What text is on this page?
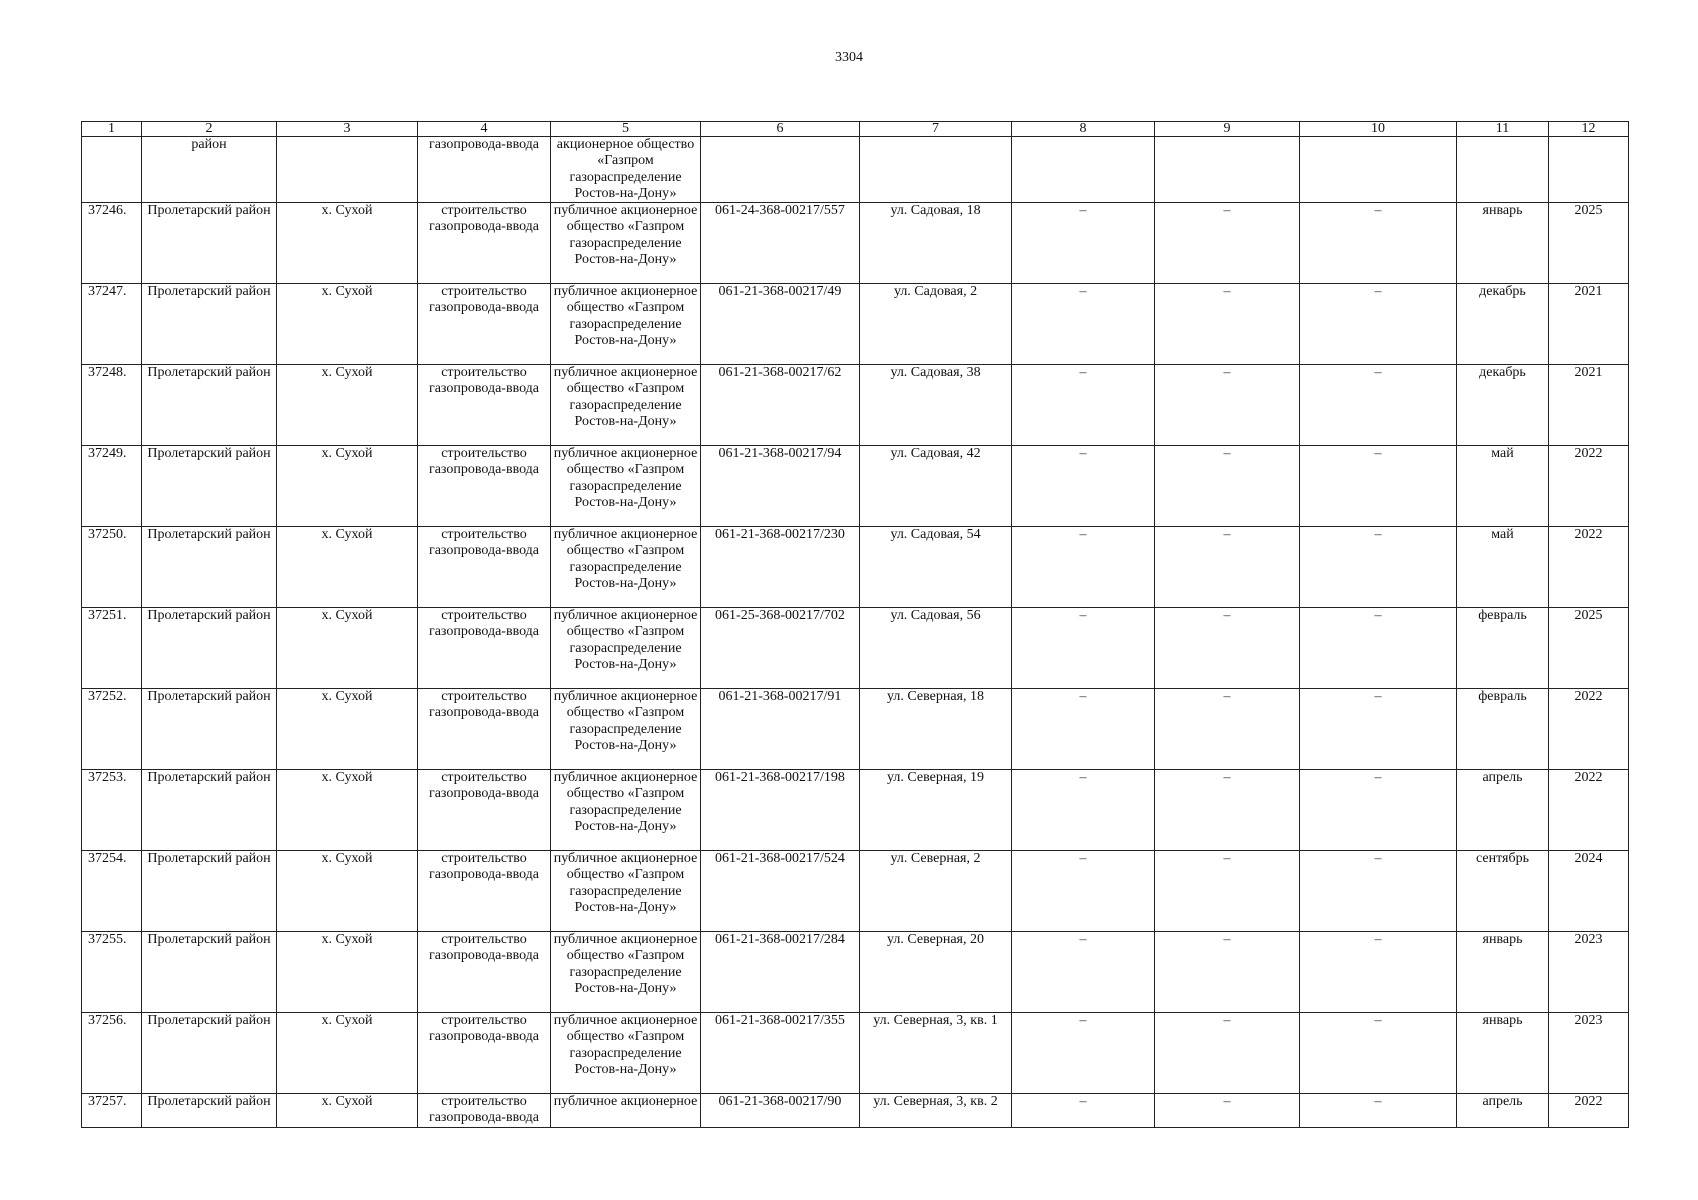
3304
1	2	3	4	5	6	7	8	9	10	11	12
	район		газопровода-ввода	акционерное общество «Газпром газораспределение Ростов-на-Дону»							
37246.	Пролетарский район	х. Сухой	строительство газопровода-ввода	публичное акционерное общество «Газпром газораспределение Ростов-на-Дону»	061-24-368-00217/557	ул. Садовая, 18	–	–	–	январь	2025
37247.	Пролетарский район	х. Сухой	строительство газопровода-ввода	публичное акционерное общество «Газпром газораспределение Ростов-на-Дону»	061-21-368-00217/49	ул. Садовая, 2	–	–	–	декабрь	2021
37248.	Пролетарский район	х. Сухой	строительство газопровода-ввода	публичное акционерное общество «Газпром газораспределение Ростов-на-Дону»	061-21-368-00217/62	ул. Садовая, 38	–	–	–	декабрь	2021
37249.	Пролетарский район	х. Сухой	строительство газопровода-ввода	публичное акционерное общество «Газпром газораспределение Ростов-на-Дону»	061-21-368-00217/94	ул. Садовая, 42	–	–	–	май	2022
37250.	Пролетарский район	х. Сухой	строительство газопровода-ввода	публичное акционерное общество «Газпром газораспределение Ростов-на-Дону»	061-21-368-00217/230	ул. Садовая, 54	–	–	–	май	2022
37251.	Пролетарский район	х. Сухой	строительство газопровода-ввода	публичное акционерное общество «Газпром газораспределение Ростов-на-Дону»	061-25-368-00217/702	ул. Садовая, 56	–	–	–	февраль	2025
37252.	Пролетарский район	х. Сухой	строительство газопровода-ввода	публичное акционерное общество «Газпром газораспределение Ростов-на-Дону»	061-21-368-00217/91	ул. Северная, 18	–	–	–	февраль	2022
37253.	Пролетарский район	х. Сухой	строительство газопровода-ввода	публичное акционерное общество «Газпром газораспределение Ростов-на-Дону»	061-21-368-00217/198	ул. Северная, 19	–	–	–	апрель	2022
37254.	Пролетарский район	х. Сухой	строительство газопровода-ввода	публичное акционерное общество «Газпром газораспределение Ростов-на-Дону»	061-21-368-00217/524	ул. Северная, 2	–	–	–	сентябрь	2024
37255.	Пролетарский район	х. Сухой	строительство газопровода-ввода	публичное акционерное общество «Газпром газораспределение Ростов-на-Дону»	061-21-368-00217/284	ул. Северная, 20	–	–	–	январь	2023
37256.	Пролетарский район	х. Сухой	строительство газопровода-ввода	публичное акционерное общество «Газпром газораспределение Ростов-на-Дону»	061-21-368-00217/355	ул. Северная, 3, кв. 1	–	–	–	январь	2023
37257.	Пролетарский район	х. Сухой	строительство газопровода-ввода	публичное акционерное	061-21-368-00217/90	ул. Северная, 3, кв. 2	–	–	–	апрель	2022
